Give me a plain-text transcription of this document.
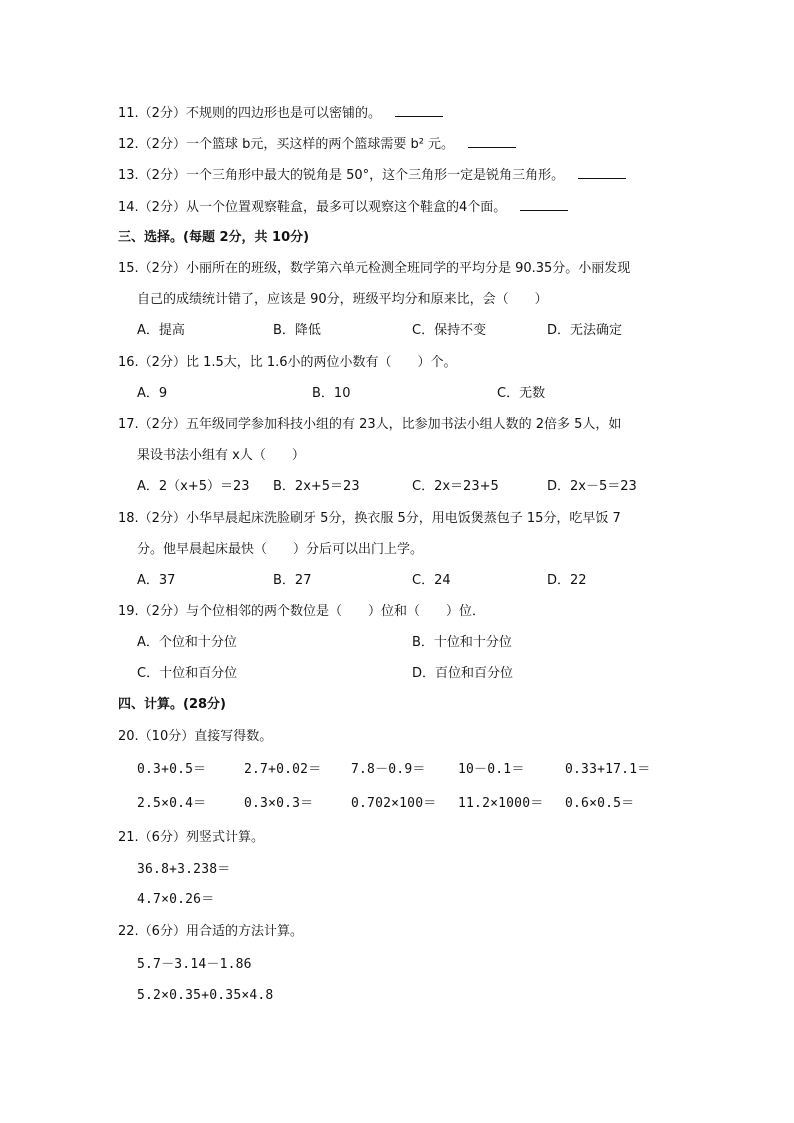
11.（2分）不规则的四边形也是可以密铺的。
12.（2分）一个篮球 b元，买这样的两个篮球需要 b² 元。
13.（2分）一个三角形中最大的锐角是 50°，这个三角形一定是锐角三角形。
14.（2分）从一个位置观察鞋盒，最多可以观察这个鞋盒的4个面。
三、选择。(每题 2分，共 10分)
15.（2分）小丽所在的班级，数学第六单元检测全班同学的平均分是 90.35分。小丽发现
自己的成绩统计错了，应该是 90分，班级平均分和原来比，会（　　）
A．提高	B．降低	C．保持不变	D．无法确定
16.（2分）比 1.5大，比 1.6小的两位小数有（　　）个。
A．9	B．10	C．无数
17.（2分）五年级同学参加科技小组的有 23人，比参加书法小组人数的 2倍多 5人，如
果设书法小组有 x人（　　）
A．2（x+5）＝23 B．2x+5＝23	C．2x＝23+5	D．2x－5＝23
18.（2分）小华早晨起床洗脸刷牙 5分，换衣服 5分，用电饭煲蒸包子 15分，吃早饭 7
分。他早晨起床最快（　　）分后可以出门上学。
A．37	B．27	C．24	D．22
19.（2分）与个位相邻的两个数位是（　　）位和（　　）位．
A．个位和十分位	B．十位和十分位
C．十位和百分位	D．百位和百分位
四、计算。(28分)
20.（10分）直接写得数。
0.3+0.5＝	2.7+0.02＝ 7.8－0.9＝ 10－0.1＝	0.33+17.1＝
2.5×0.4＝	0.3×0.3＝	0.702×100＝ 11.2×1000＝ 0.6×0.5＝
21.（6分）列竖式计算。
36.8+3.238＝
4.7×0.26＝
22.（6分）用合适的方法计算。
5.7－3.14－1.86
5.2×0.35+0.35×4.8
